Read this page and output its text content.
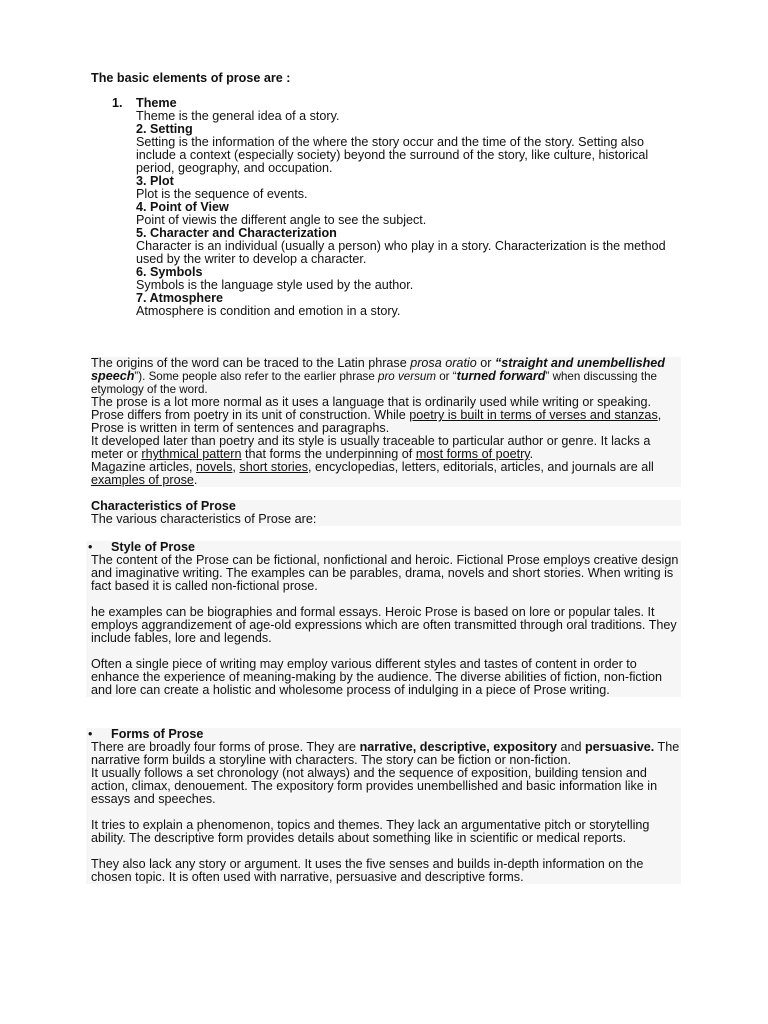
The basic elements of prose are :
1. Theme
Theme is the general idea of a story.
2. Setting
Setting is the information of the where the story occur and the time of the story. Setting also include a context (especially society) beyond the surround of the story, like culture, historical period, geography, and occupation.
3. Plot
Plot is the sequence of events.
4. Point of View
Point of viewis the different angle to see the subject.
5. Character and Characterization
Character is an individual (usually a person) who play in a story. Characterization is the method used by the writer to develop a character.
6. Symbols
Symbols is the language style used by the author.
7. Atmosphere
Atmosphere is condition and emotion in a story.
The origins of the word can be traced to the Latin phrase prosa oratio or “straight and unembellished speech”). Some people also refer to the earlier phrase pro versum or “turned forward” when discussing the etymology of the word.
The prose is a lot more normal as it uses a language that is ordinarily used while writing or speaking. Prose differs from poetry in its unit of construction. While poetry is built in terms of verses and stanzas, Prose is written in term of sentences and paragraphs.
It developed later than poetry and its style is usually traceable to particular author or genre. It lacks a meter or rhythmical pattern that forms the underpinning of most forms of poetry.
Magazine articles, novels, short stories, encyclopedias, letters, editorials, articles, and journals are all examples of prose.
Characteristics of Prose
The various characteristics of Prose are:
• Style of Prose
The content of the Prose can be fictional, nonfictional and heroic. Fictional Prose employs creative design and imaginative writing. The examples can be parables, drama, novels and short stories. When writing is fact based it is called non-fictional prose.
he examples can be biographies and formal essays. Heroic Prose is based on lore or popular tales. It employs aggrandizement of age-old expressions which are often transmitted through oral traditions. They include fables, lore and legends.
Often a single piece of writing may employ various different styles and tastes of content in order to enhance the experience of meaning-making by the audience. The diverse abilities of fiction, non-fiction and lore can create a holistic and wholesome process of indulging in a piece of Prose writing.
• Forms of Prose
There are broadly four forms of prose. They are narrative, descriptive, expository and persuasive. The narrative form builds a storyline with characters. The story can be fiction or non-fiction.
It usually follows a set chronology (not always) and the sequence of exposition, building tension and action, climax, denouement. The expository form provides unembellished and basic information like in essays and speeches.
It tries to explain a phenomenon, topics and themes. They lack an argumentative pitch or storytelling ability. The descriptive form provides details about something like in scientific or medical reports.
They also lack any story or argument. It uses the five senses and builds in-depth information on the chosen topic. It is often used with narrative, persuasive and descriptive forms.
